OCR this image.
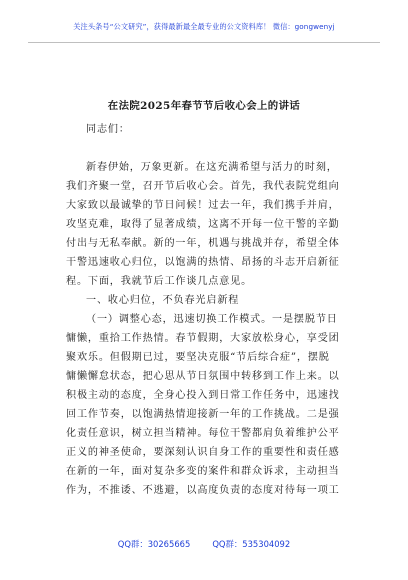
关注头条号“公文研究”，获得最新最全最专业的公文资料库！ 微信：gongwenyj
在法院2025年春节节后收心会上的讲话
同志们：
新春伊始，万象更新。在这充满希望与活力的时刻，
我们齐聚一堂，召开节后收心会。首先，我代表院党组向
大家致以最诚挚的节日问候！过去一年，我们携手并肩，
攻坚克难，取得了显著成绩，这离不开每一位干警的辛勤
付出与无私奉献。新的一年，机遇与挑战并存，希望全体
干警迅速收心归位，以饱满的热情、昂扬的斗志开启新征
程。下面，我就节后工作谈几点意见。
一、收心归位，不负春光启新程
（一）调整心态，迅速切换工作模式。一是摆脱节日
慵懒，重拾工作热情。春节假期，大家放松身心，享受团
聚欢乐。但假期已过，要坚决克服“节后综合症”，摆脱
慵懒懈怠状态，把心思从节日氛围中转移到工作上来。以
积极主动的态度，全身心投入到日常工作任务中，迅速找
回工作节奏，以饱满热情迎接新一年的工作挑战。二是强
化责任意识，树立担当精神。每位干警都肩负着维护公平
正义的神圣使命，要深刻认识自身工作的重要性和责任感
在新的一年，面对复杂多变的案件和群众诉求，主动担当
作为，不推诿、不逃避，以高度负责的态度对待每一项工
QQ群：30265665	QQ群：535304092
